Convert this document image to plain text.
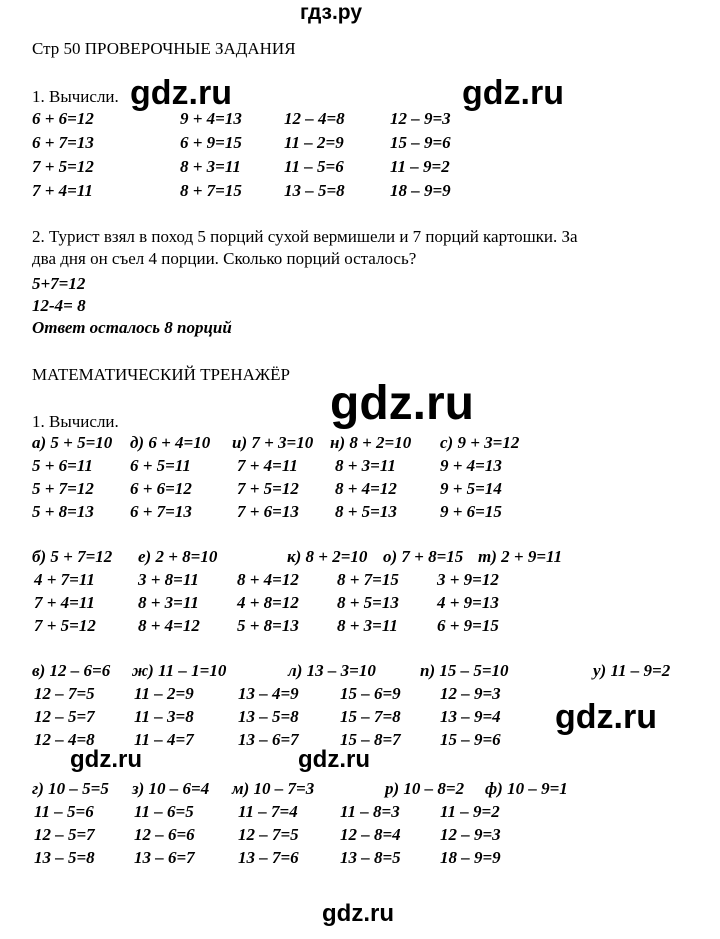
гдз.ру
Стр 50 ПРОВЕРОЧНЫЕ ЗАДАНИЯ
1. Вычисли.
6 + 6=12	9 + 4=13 12 – 4=8	12 – 9=3
6 + 7=13	6 + 9=15 11 – 2=9	15 – 9=6
7 + 5=12	8 + 3=11	11 – 5=6	11 – 9=2
7 + 4=11	8 + 7=15 13 – 5=8	18 – 9=9
2. Турист взял в поход 5 порций сухой вермишели и 7 порций картошки. За
два дня он съел 4 порции. Сколько порций осталось?
5+7=12
12-4= 8
Ответ осталось 8 порций
МАТЕМАТИЧЕСКИЙ ТРЕНАЖЁР
1. Вычисли.
а) 5 + 5=10 д) 6 + 4=10 и) 7 + 3=10 н) 8 + 2=10 с) 9 + 3=12
5 + 6=11 6 + 5=11	7 + 4=11 8 + 3=11	9 + 4=13
5 + 7=12 6 + 6=12	7 + 5=12 8 + 4=12	9 + 5=14
5 + 8=13 6 + 7=13	7 + 6=13 8 + 5=13	9 + 6=15
б) 5 + 7=12 е) 2 + 8=10	к) 8 + 2=10 о) 7 + 8=15 т) 2 + 9=11
4 + 7=11	3 + 8=11 8 + 4=12 8 + 7=15 3 + 9=12
7 + 4=11	8 + 3=11 4 + 8=12 8 + 5=13 4 + 9=13
7 + 5=12 8 + 4=12 5 + 8=13 8 + 3=11 6 + 9=15
в) 12 – 6=6 ж) 11 – 1=10	л) 13 – 3=10	п) 15 – 5=10	у) 11 – 9=2
12 – 7=5 11 – 2=9	13 – 4=9 15 – 6=9 12 – 9=3
12 – 5=7 11 – 3=8	13 – 5=8 15 – 7=8 13 – 9=4
12 – 4=8 11 – 4=7	13 – 6=7 15 – 8=7 15 – 9=6
г) 10 – 5=5 з) 10 – 6=4 м) 10 – 7=3	р) 10 – 8=2 ф) 10 – 9=1
11 – 5=6 11 – 6=5	11 – 7=4 11 – 8=3 11 – 9=2
12 – 5=7 12 – 6=6	12 – 7=5 12 – 8=4 12 – 9=3
13 – 5=8 13 – 6=7	13 – 7=6 13 – 8=5 18 – 9=9
gdz.ru	gdz.ru
gdz.ru
gdz.ru
gdz.ru	gdz.ru
gdz.ru
